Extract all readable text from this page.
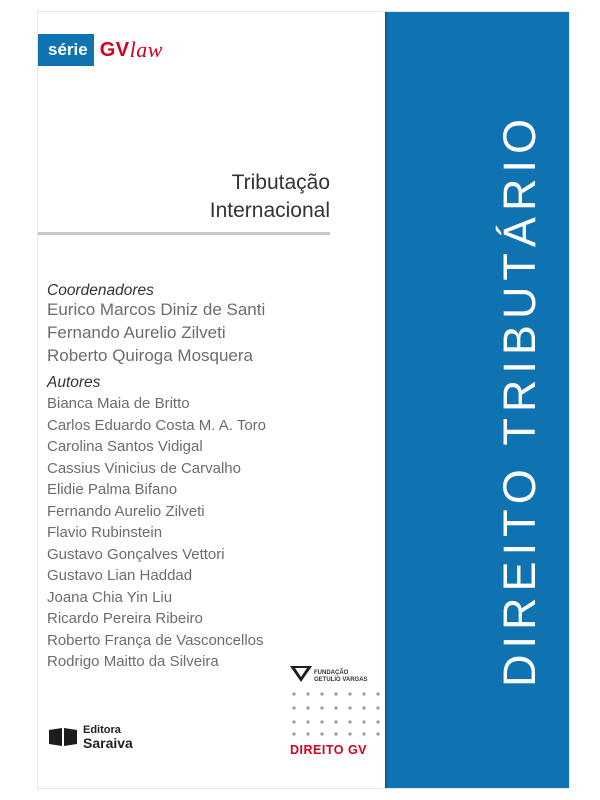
série GV law
Tributação
Internacional
Coordenadores
Eurico Marcos Diniz de Santi
Fernando Aurelio Zilveti
Roberto Quiroga Mosquera
Autores
Bianca Maia de Britto
Carlos Eduardo Costa M. A. Toro
Carolina Santos Vidigal
Cassius Vinicius de Carvalho
Elidie Palma Bifano
Fernando Aurelio Zilveti
Flavio Rubinstein
Gustavo Gonçalves Vettori
Gustavo Lian Haddad
Joana Chia Yin Liu
Ricardo Pereira Ribeiro
Roberto França de Vasconcellos
Rodrigo Maitto da Silveira
FUNDAÇÃO
GETULIO VARGAS
DIREITO GV
Editora
Saraiva
DIREITO TRIBUTÁRIO
